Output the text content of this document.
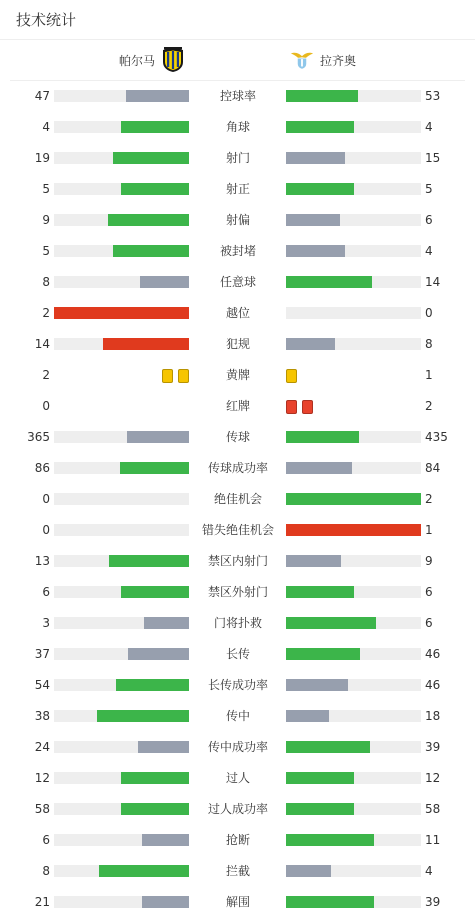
技术统计
帕尔马	拉齐奥
47	控球率	53
4	角球	4
19	射门	15
5	射正	5
9	射偏	6
5	被封堵	4
8	任意球	14
2	越位	0
14	犯规	8
2	黄牌	1
0	红牌	2
365	传球	435
86	传球成功率	84
0	绝佳机会	2
0	错失绝佳机会	1
13	禁区内射门	9
6	禁区外射门	6
3	门将扑救	6
37	长传	46
54	长传成功率	46
38	传中	18
24	传中成功率	39
12	过人	12
58	过人成功率	58
6	抢断	11
8	拦截	4
21	解围	39
